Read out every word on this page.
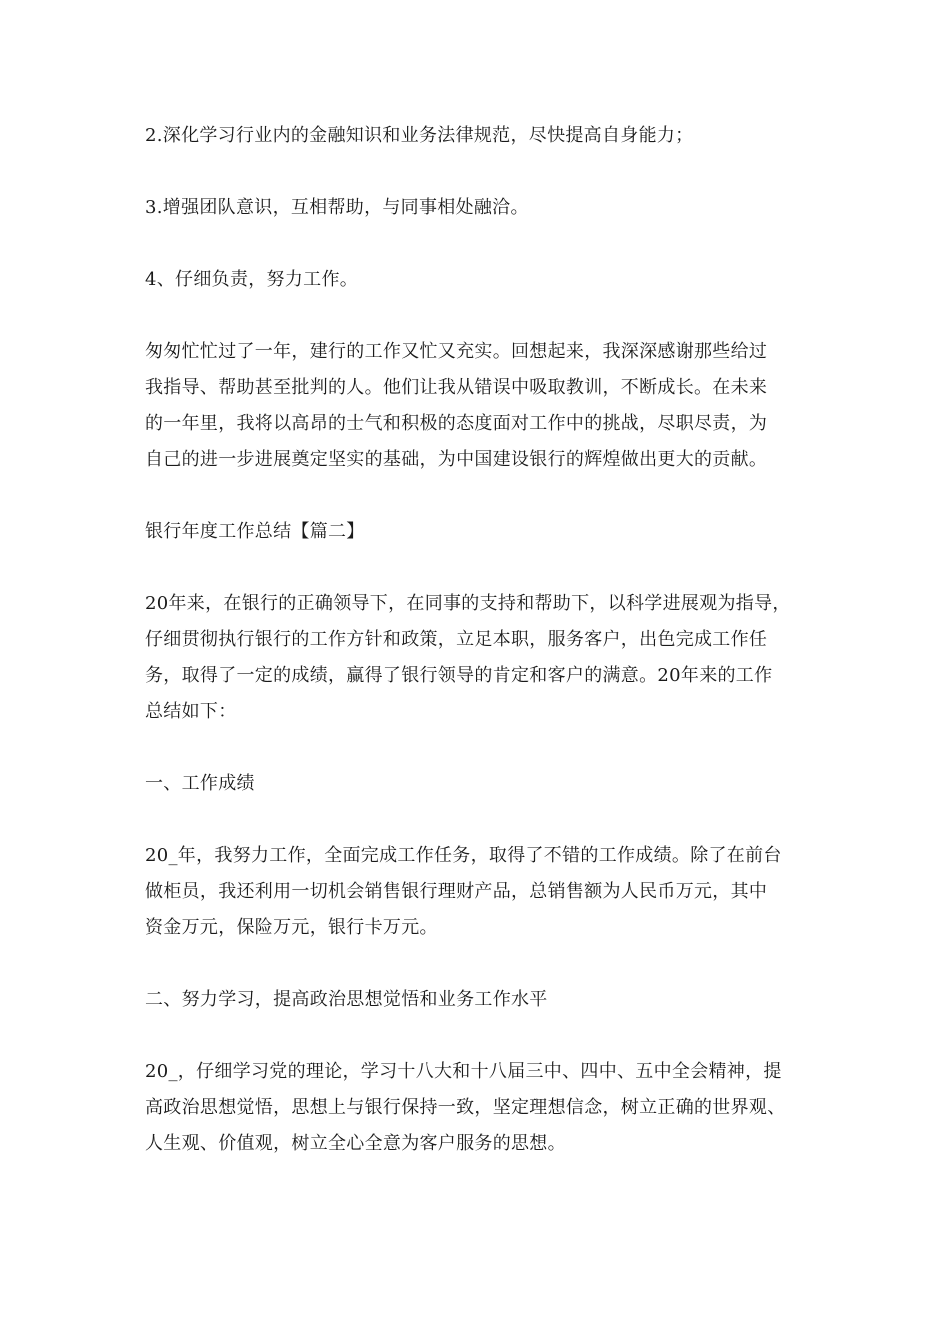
2.深化学习行业内的金融知识和业务法律规范，尽快提高自身能力；

3.增强团队意识，互相帮助，与同事相处融洽。

4、仔细负责，努力工作。

匆匆忙忙过了一年，建行的工作又忙又充实。回想起来，我深深感谢那些给过
我指导、帮助甚至批判的人。他们让我从错误中吸取教训，不断成长。在未来
的一年里，我将以高昂的士气和积极的态度面对工作中的挑战，尽职尽责，为
自己的进一步进展奠定坚实的基础，为中国建设银行的辉煌做出更大的贡献。

银行年度工作总结【篇二】

20年来，在银行的正确领导下，在同事的支持和帮助下，以科学进展观为指导，
仔细贯彻执行银行的工作方针和政策，立足本职，服务客户，出色完成工作任
务，取得了一定的成绩，赢得了银行领导的肯定和客户的满意。20年来的工作
总结如下：

一、工作成绩

20_年，我努力工作，全面完成工作任务，取得了不错的工作成绩。除了在前台
做柜员，我还利用一切机会销售银行理财产品，总销售额为人民币万元，其中
资金万元，保险万元，银行卡万元。

二、努力学习，提高政治思想觉悟和业务工作水平

20_，仔细学习党的理论，学习十八大和十八届三中、四中、五中全会精神，提
高政治思想觉悟，思想上与银行保持一致，坚定理想信念，树立正确的世界观、
人生观、价值观，树立全心全意为客户服务的思想。
